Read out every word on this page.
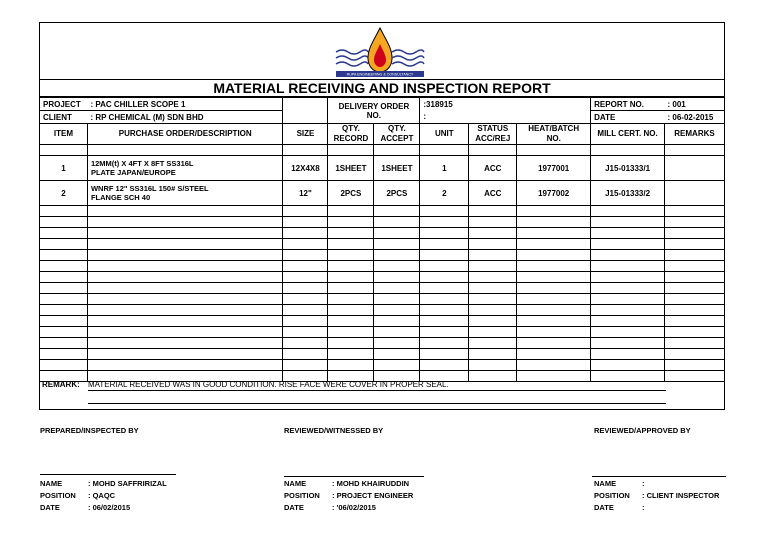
RUPA ENGINEERING & CONSULTANCY
MATERIAL RECEIVING AND INSPECTION REPORT
PROJECT	: PAC CHILLER SCOPE 1		DELIVERY ORDER NO.		:318915			REPORT NO.	: 001
CLIENT	: RP CHEMICAL (M) SDN BHD				:			DATE	: 06-02-2015
ITEM	PURCHASE ORDER/DESCRIPTION	SIZE	QTY. RECORD	QTY. ACCEPT	UNIT	STATUS ACC/REJ	HEAT/BATCH NO.	MILL CERT. NO.	REMARKS

1	12MM(t) X 4FT X 8FT SS316L
PLATE JAPAN/EUROPE	12X4X8	1SHEET	1SHEET	1	ACC	1977001	J15-01333/1	
2	WNRF 12" SS316L 150# S/STEEL
FLANGE SCH 40	12"	2PCS	2PCS	2	ACC	1977002	J15-01333/2	

REMARK: MATERIAL RECEIVED WAS IN GOOD CONDITION. RISE FACE WERE COVER IN PROPER SEAL.
PREPARED/INSPECTED BY	REVIEWED/WITNESSED BY	REVIEWED/APPROVED BY
NAME	: MOHD SAFFRIRIZAL
POSITION : QAQC
DATE	: 06/02/2015
NAME	: MOHD KHAIRUDDIN
POSITION : PROJECT ENGINEER
DATE	: '06/02/2015
NAME	:
POSITION : CLIENT INSPECTOR
DATE	:
